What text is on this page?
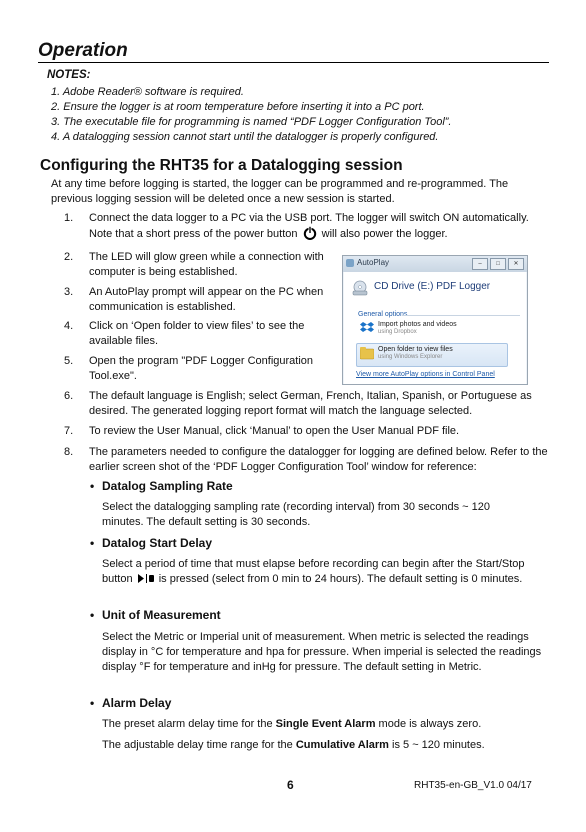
Operation
NOTES:
1. Adobe Reader® software is required.
2. Ensure the logger is at room temperature before inserting it into a PC port.
3. The executable file for programming is named “PDF Logger Configuration Tool”.
4. A datalogging session cannot start until the datalogger is properly configured.
Configuring the RHT35 for a Datalogging session
At any time before logging is started, the logger can be programmed and re-programmed. The previous logging session will be deleted once a new session is started.
1. Connect the data logger to a PC via the USB port. The logger will switch ON automatically. Note that a short press of the power button will also power the logger.
2. The LED will glow green while a connection with computer is being established.
3. An AutoPlay prompt will appear on the PC when communication is established.
4. Click on ‘Open folder to view files’ to see the available files.
5. Open the program "PDF Logger Configuration Tool.exe".
6. The default language is English; select German, French, Italian, Spanish, or Portuguese as desired. The generated logging report format will match the language selected.
7. To review the User Manual, click ‘Manual’ to open the User Manual PDF file.
8. The parameters needed to configure the datalogger for logging are defined below. Refer to the earlier screen shot of the ‘PDF Logger Configuration Tool’ window for reference:
• Datalog Sampling Rate
Select the datalogging sampling rate (recording interval) from 30 seconds ~ 120 minutes. The default setting is 30 seconds.
• Datalog Start Delay
Select a period of time that must elapse before recording can begin after the Start/Stop button is pressed (select from 0 min to 24 hours). The default setting is 0 minutes.
• Unit of Measurement
Select the Metric or Imperial unit of measurement. When metric is selected the readings display in °C for temperature and hpa for pressure. When imperial is selected the readings display °F for temperature and inHg for pressure. The default setting in Metric.
• Alarm Delay
The preset alarm delay time for the Single Event Alarm mode is always zero.
The adjustable delay time range for the Cumulative Alarm is 5 ~ 120 minutes.
AutoPlay	–	□	✕
CD Drive (E:) PDF Logger
General options
Import photos and videos
using Dropbox
Open folder to view files
using Windows Explorer
View more AutoPlay options in Control Panel
6	RHT35-en-GB_V1.0 04/17
